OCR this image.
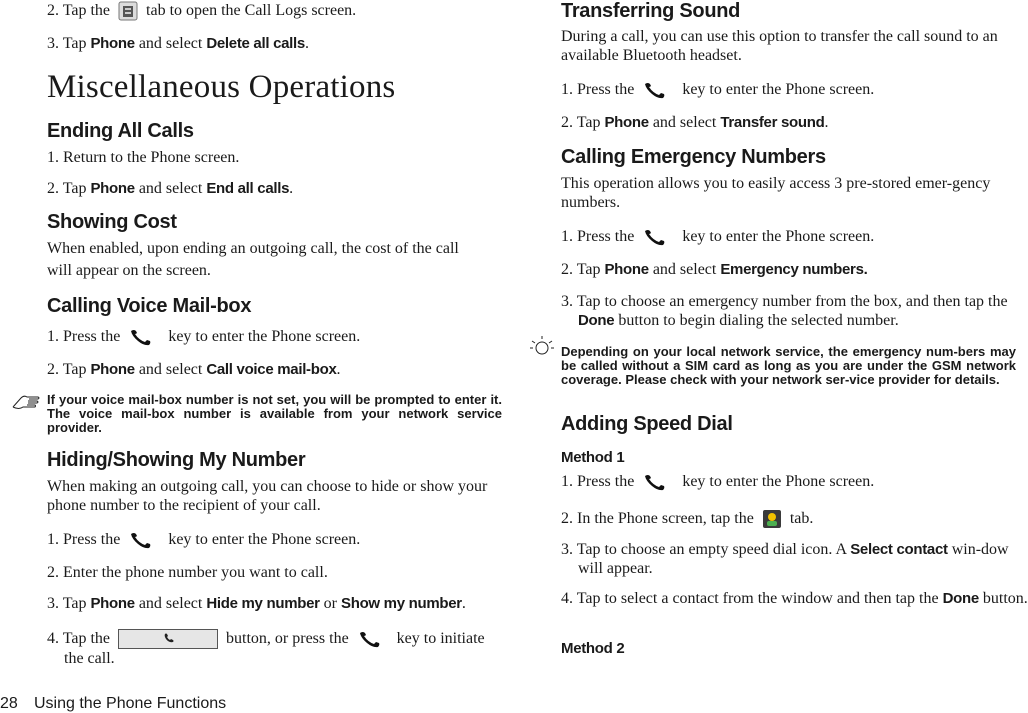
2. Tap the tab to open the Call Logs screen.
3. Tap Phone and select Delete all calls.
Miscellaneous Operations
Ending All Calls
1. Return to the Phone screen.
2. Tap Phone and select End all calls.
Showing Cost
When enabled, upon ending an outgoing call, the cost of the call
will appear on the screen.
Calling Voice Mail-box
1. Press the	key to enter the Phone screen.
2. Tap Phone and select Call voice mail-box.
If your voice mail-box number is not set, you will be prompted to enter it. The voice mail-box number is available from your network service provider.
Hiding/Showing My Number
When making an outgoing call, you can choose to hide or show your phone number to the recipient of your call.
1. Press the	key to enter the Phone screen.
2. Enter the phone number you want to call.
3. Tap Phone and select Hide my number or Show my number.
4. Tap the	button, or press the	key to initiate
the call.
Transferring Sound
During a call, you can use this option to transfer the call sound to an available Bluetooth headset.
1. Press the	key to enter the Phone screen.
2. Tap Phone and select Transfer sound.
Calling Emergency Numbers
This operation allows you to easily access 3 pre-stored emer-gency numbers.
1. Press the	key to enter the Phone screen.
2. Tap Phone and select Emergency numbers.
3. Tap to choose an emergency number from the box, and then tap the Done button to begin dialing the selected number.
Depending on your local network service, the emergency num-bers may be called without a SIM card as long as you are under the GSM network coverage. Please check with your network ser-vice provider for details.
Adding Speed Dial
Method 1
1. Press the	key to enter the Phone screen.
2. In the Phone screen, tap the tab.
3. Tap to choose an empty speed dial icon. A Select contact win-dow will appear.
4. Tap to select a contact from the window and then tap the Done button.
Method 2
28 Using the Phone Functions
